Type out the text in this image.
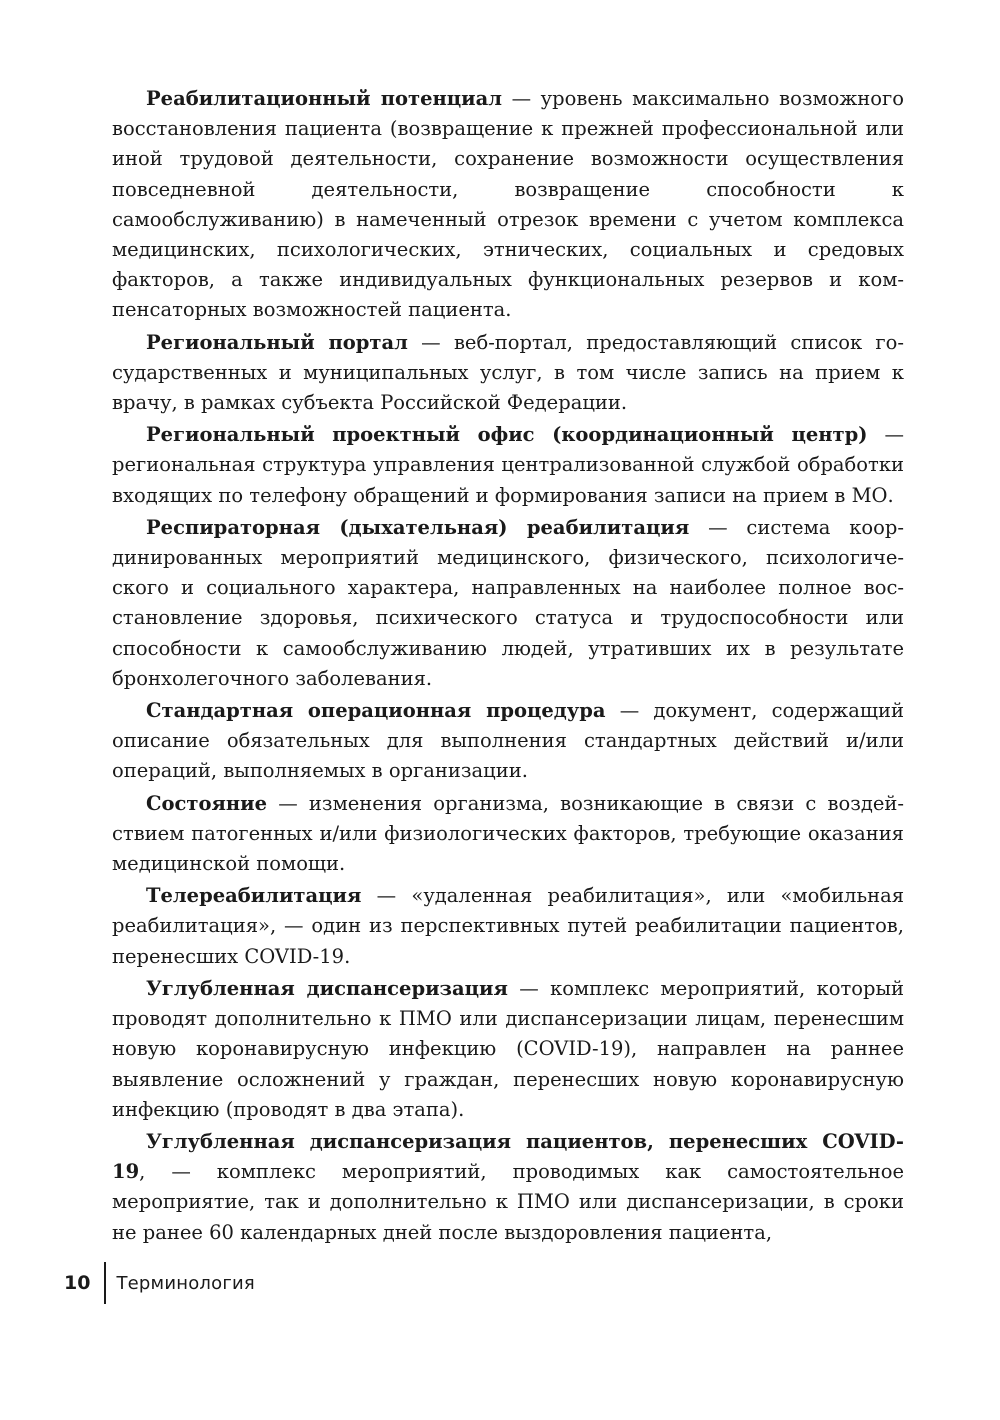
Реабилитационный потенциал — уровень максимально возможного восстановления пациента (возвращение к прежней профессиональной или иной трудовой деятельности, сохранение возможности осуществления повседневной деятельности, возвращение способности к самообслуживанию) в намеченный отрезок времени с учетом комплекса медицинских, психологических, этнических, социальных и средовых факторов, а также индивидуальных функциональных резервов и компенсаторных возможностей пациента.

Региональный портал — веб-портал, предоставляющий список государственных и муниципальных услуг, в том числе запись на прием к врачу, в рамках субъекта Российской Федерации.

Региональный проектный офис (координационный центр) — региональная структура управления централизованной службой обработки входящих по телефону обращений и формирования записи на прием в МО.

Респираторная (дыхательная) реабилитация — система координированных мероприятий медицинского, физического, психологического и социального характера, направленных на наиболее полное восстановление здоровья, психического статуса и трудоспособности или способности к самообслуживанию людей, утративших их в результате бронхолегочного заболевания.

Стандартная операционная процедура — документ, содержащий описание обязательных для выполнения стандартных действий и/или операций, выполняемых в организации.

Состояние — изменения организма, возникающие в связи с воздействием патогенных и/или физиологических факторов, требующие оказания медицинской помощи.

Телереабилитация — «удаленная реабилитация», или «мобильная реабилитация», — один из перспективных путей реабилитации пациентов, перенесших COVID-19.

Углубленная диспансеризация — комплекс мероприятий, который проводят дополнительно к ПМО или диспансеризации лицам, перенесшим новую коронавирусную инфекцию (COVID-19), направлен на раннее выявление осложнений у граждан, перенесших новую коронавирусную инфекцию (проводят в два этапа).

Углубленная диспансеризация пациентов, перенесших COVID-19, — комплекс мероприятий, проводимых как самостоятельное мероприятие, так и дополнительно к ПМО или диспансеризации, в сроки не ранее 60 календарных дней после выздоровления пациента,

10 Терминология
